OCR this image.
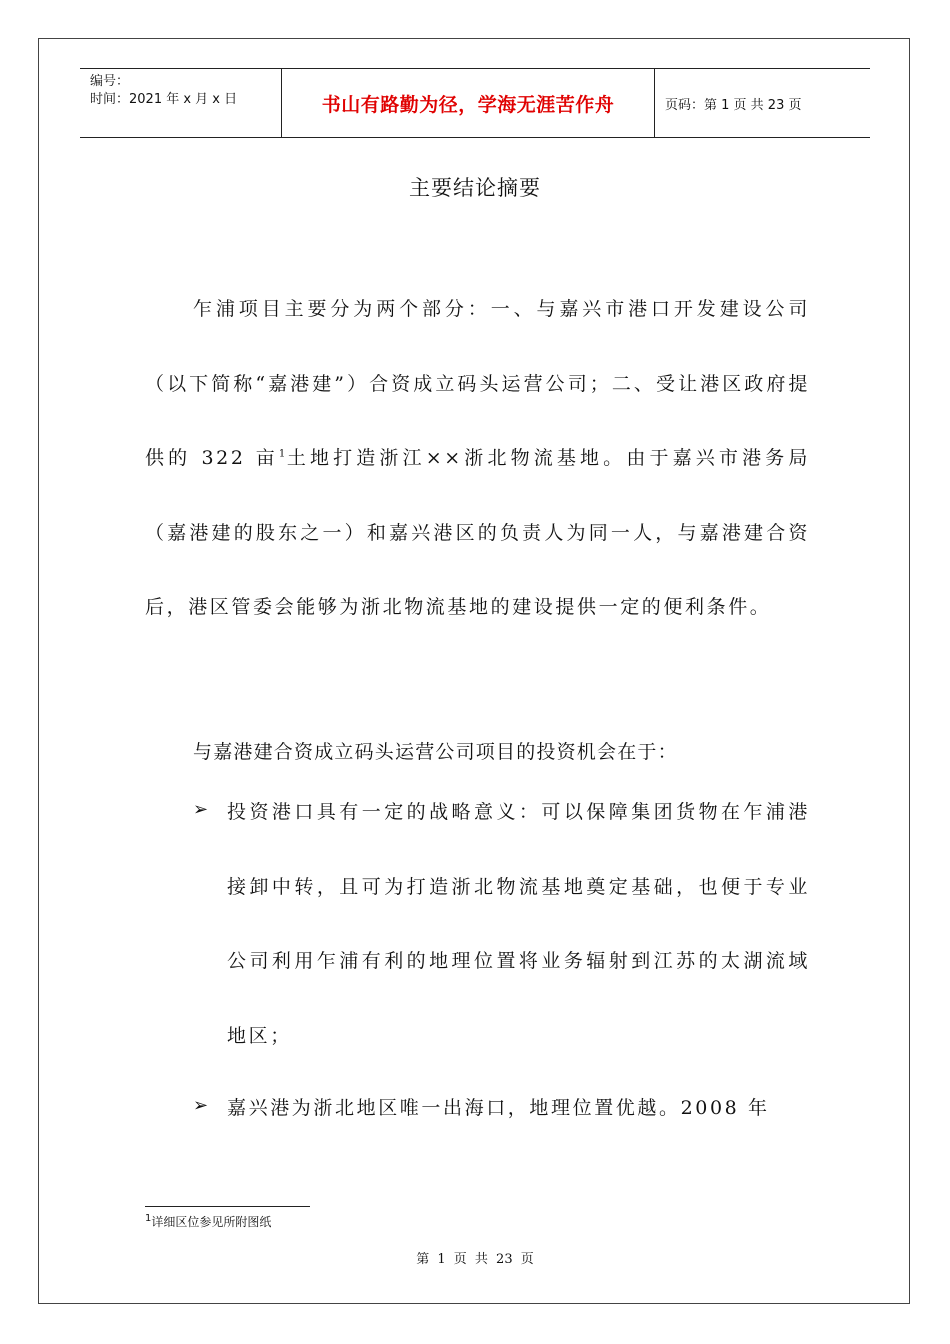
编号：
时间：2021 年 x 月 x 日	书山有路勤为径，学海无涯苦作舟	页码：第 1 页 共 23 页
主要结论摘要

乍浦项目主要分为两个部分：一、与嘉兴市港口开发建设公司（以下简称“嘉港建”）合资成立码头运营公司；二、受让港区政府提供的 322 亩$^1$土地打造浙江××浙北物流基地。由于嘉兴市港务局（嘉港建的股东之一）和嘉兴港区的负责人为同一人，与嘉港建合资后，港区管委会能够为浙北物流基地的建设提供一定的便利条件。

与嘉港建合资成立码头运营公司项目的投资机会在于：

➢ 投资港口具有一定的战略意义：可以保障集团货物在乍浦港接卸中转，且可为打造浙北物流基地奠定基础，也便于专业公司利用乍浦有利的地理位置将业务辐射到江苏的太湖流域地区；

➢ 嘉兴港为浙北地区唯一出海口，地理位置优越。2008 年

$^1$详细区位参见所附图纸
第 1 页 共 23 页
